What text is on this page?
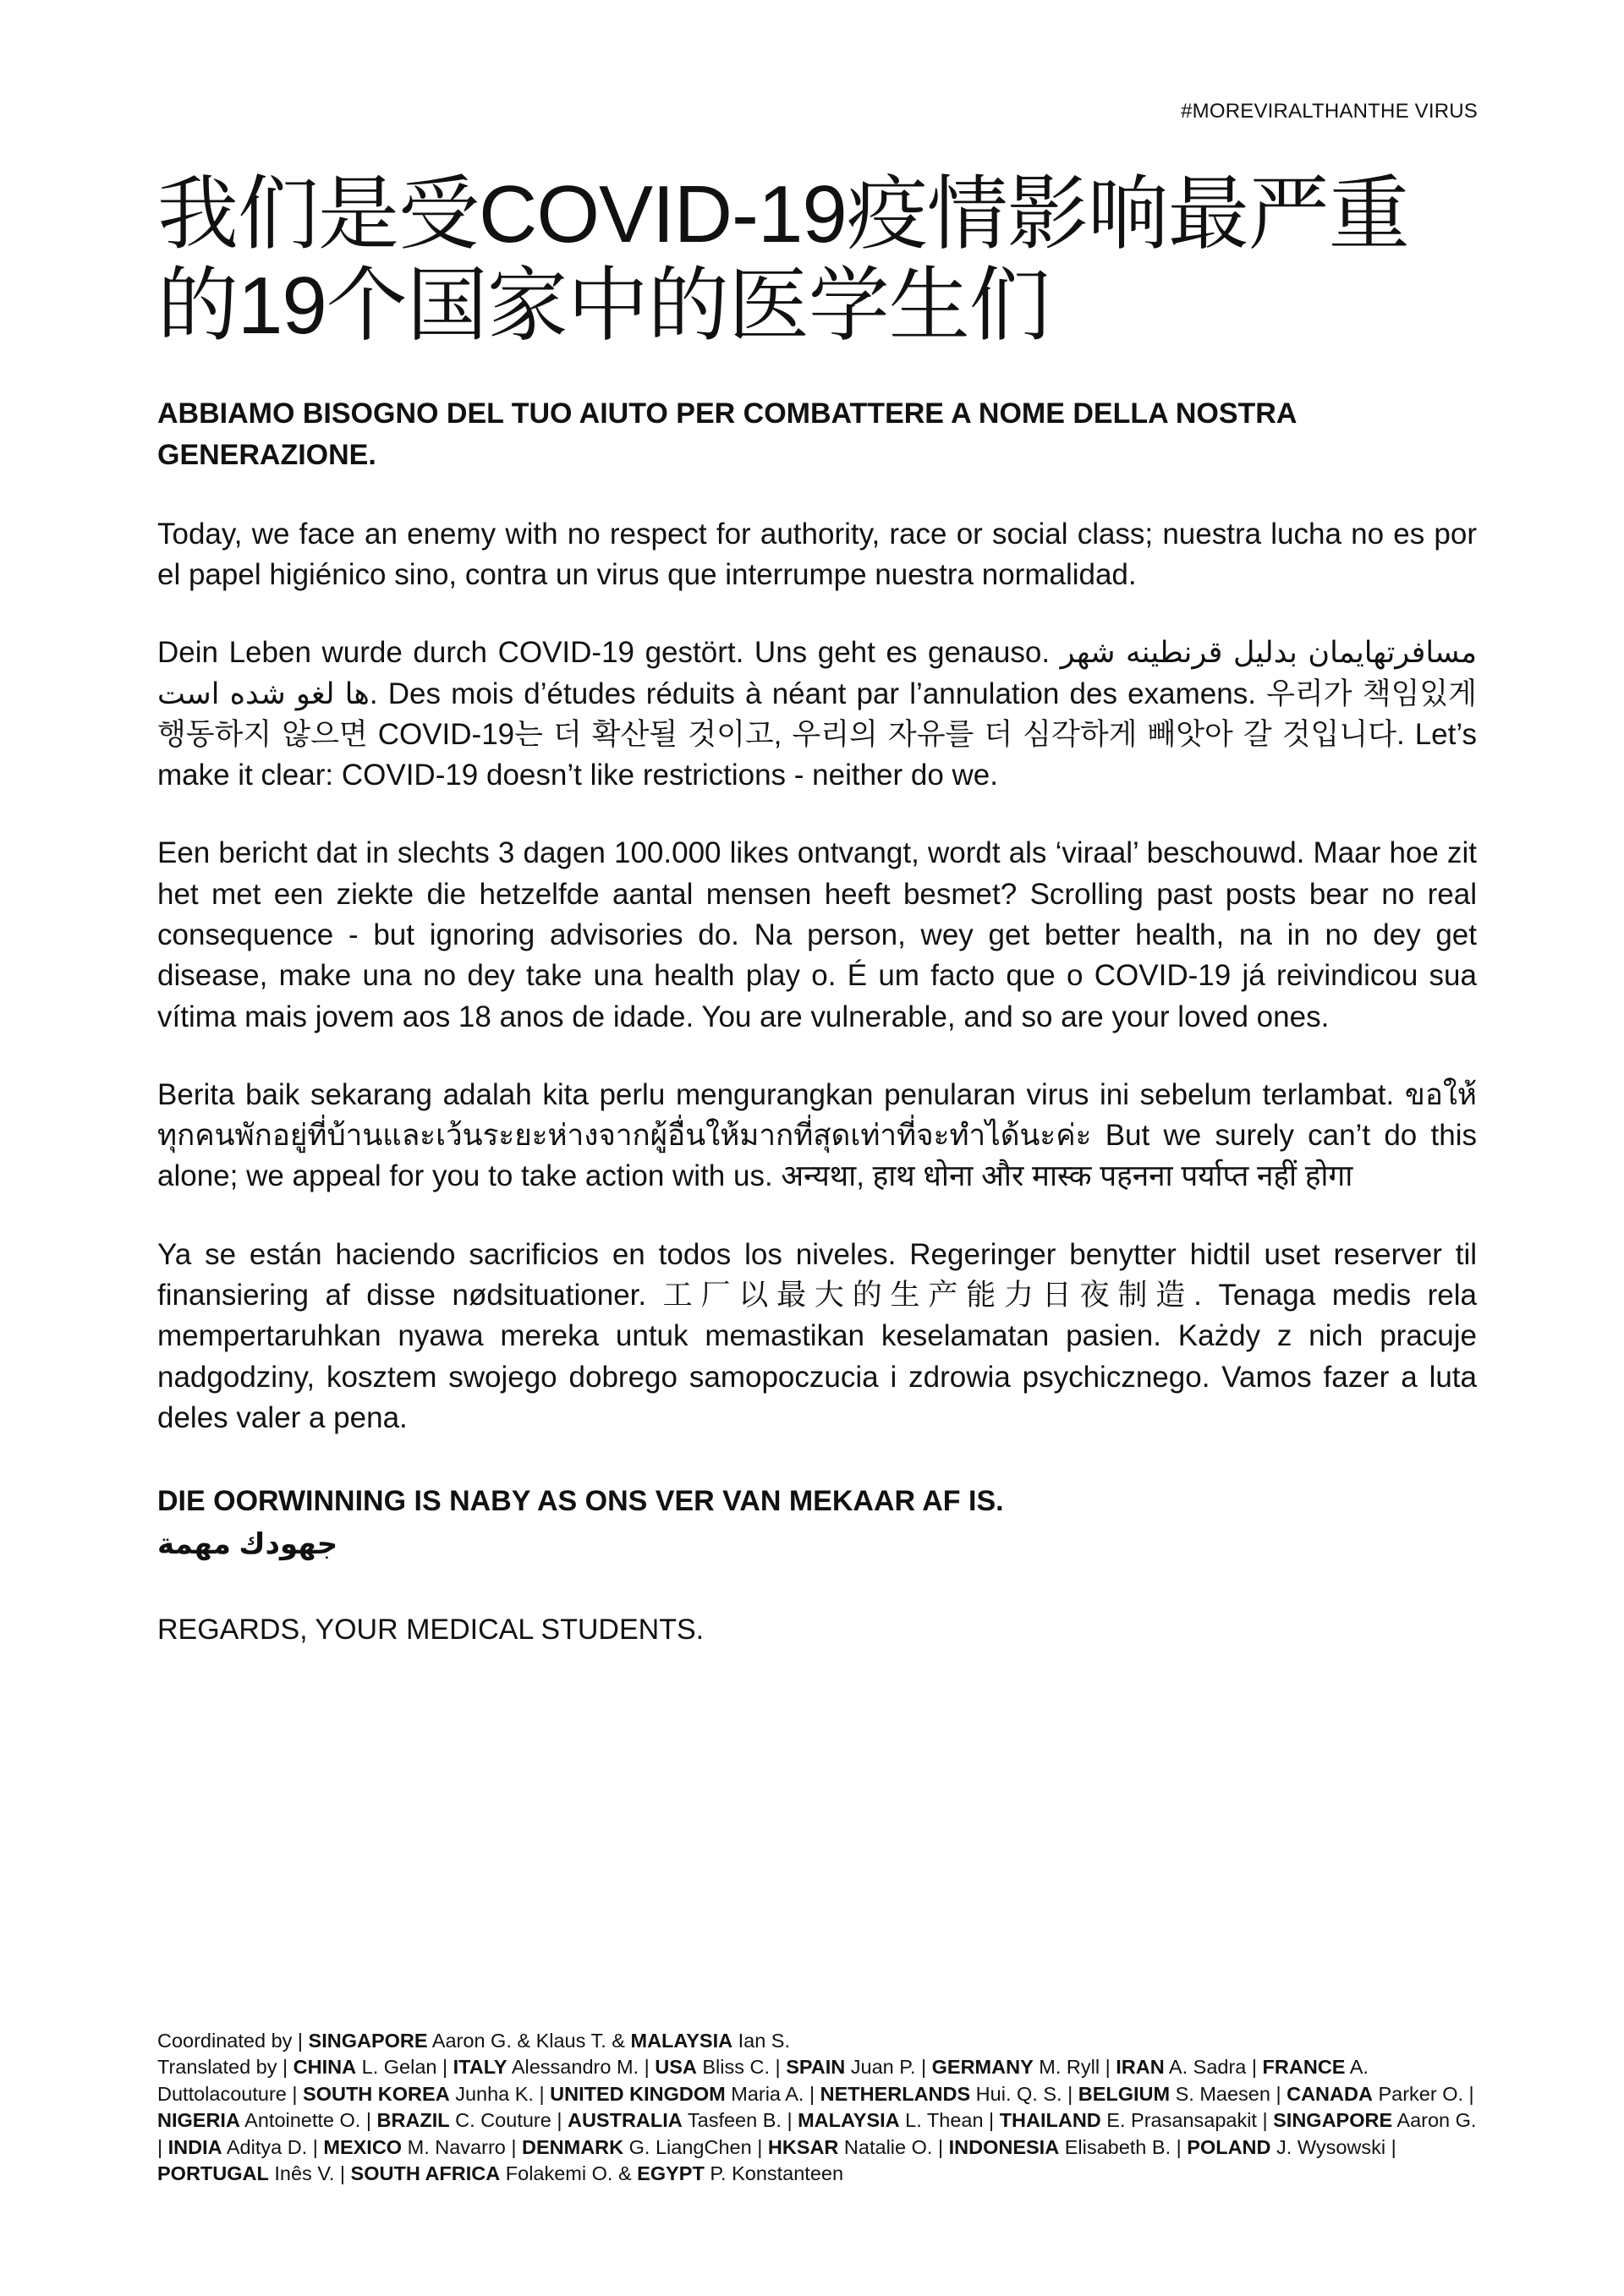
#MOREVIRALTHANTHE VIRUS
我们是受COVID-19疫情影响最严重的19个国家中的医学生们

ABBIAMO BISOGNO DEL TUO AIUTO PER COMBATTERE A NOME DELLA NOSTRA GENERAZIONE.

Today, we face an enemy with no respect for authority, race or social class; nuestra lucha no es por el papel higiénico sino, contra un virus que interrumpe nuestra normalidad.

Dein Leben wurde durch COVID-19 gestört. Uns geht es genauso. مسافرتهایمان بدلیل قرنطینه شهر ها لغو شده است. Des mois d’études réduits à néant par l’annulation des examens. 우리가 책임있게 행동하지 않으면 COVID-19는 더 확산될 것이고, 우리의 자유를 더 심각하게 빼앗아 갈 것입니다. Let’s make it clear: COVID-19 doesn’t like restrictions - neither do we.

Een bericht dat in slechts 3 dagen 100.000 likes ontvangt, wordt als ‘viraal’ beschouwd. Maar hoe zit het met een ziekte die hetzelfde aantal mensen heeft besmet? Scrolling past posts bear no real consequence - but ignoring advisories do. Na person, wey get better health, na in no dey get disease, make una no dey take una health play o. É um facto que o COVID-19 já reivindicou sua vítima mais jovem aos 18 anos de idade. You are vulnerable, and so are your loved ones.

Berita baik sekarang adalah kita perlu mengurangkan penularan virus ini sebelum terlambat. ขอให้ทุกคนพักอยู่ที่บ้านและเว้นระยะห่างจากผู้อื่นให้มากที่สุดเท่าที่จะทำได้นะค่ะ But we surely can’t do this alone; we appeal for you to take action with us. अन्यथा, हाथ धोना और मास्क पहनना पर्याप्त नहीं होगा

Ya se están haciendo sacrificios en todos los niveles. Regeringer benytter hidtil uset reserver til finansiering af disse nødsituationer. 工厂以最大的生产能力日夜制造. Tenaga medis rela mempertaruhkan nyawa mereka untuk memastikan keselamatan pasien. Każdy z nich pracuje nadgodziny, kosztem swojego dobrego samopoczucia i zdrowia psychicznego. Vamos fazer a luta deles valer a pena.

DIE OORWINNING IS NABY AS ONS VER VAN MEKAAR AF IS.

جهودك مهمة

REGARDS, YOUR MEDICAL STUDENTS.

Coordinated by | SINGAPORE Aaron G. & Klaus T. & MALAYSIA Ian S.

Translated by | CHINA L. Gelan | ITALY Alessandro M. | USA Bliss C. | SPAIN Juan P. | GERMANY M. Ryll | IRAN A. Sadra | FRANCE A. Duttolacouture | SOUTH KOREA Junha K. | UNITED KINGDOM Maria A. | NETHERLANDS Hui. Q. S. | BELGIUM S. Maesen | CANADA Parker O. | NIGERIA Antoinette O. | BRAZIL C. Couture | AUSTRALIA Tasfeen B. | MALAYSIA L. Thean | THAILAND E. Prasansapakit | SINGAPORE Aaron G. | INDIA Aditya D. | MEXICO M. Navarro | DENMARK G. LiangChen | HKSAR Natalie O. | INDONESIA Elisabeth B. | POLAND J. Wysowski | PORTUGAL Inês V. | SOUTH AFRICA Folakemi O. & EGYPT P. Konstanteen
